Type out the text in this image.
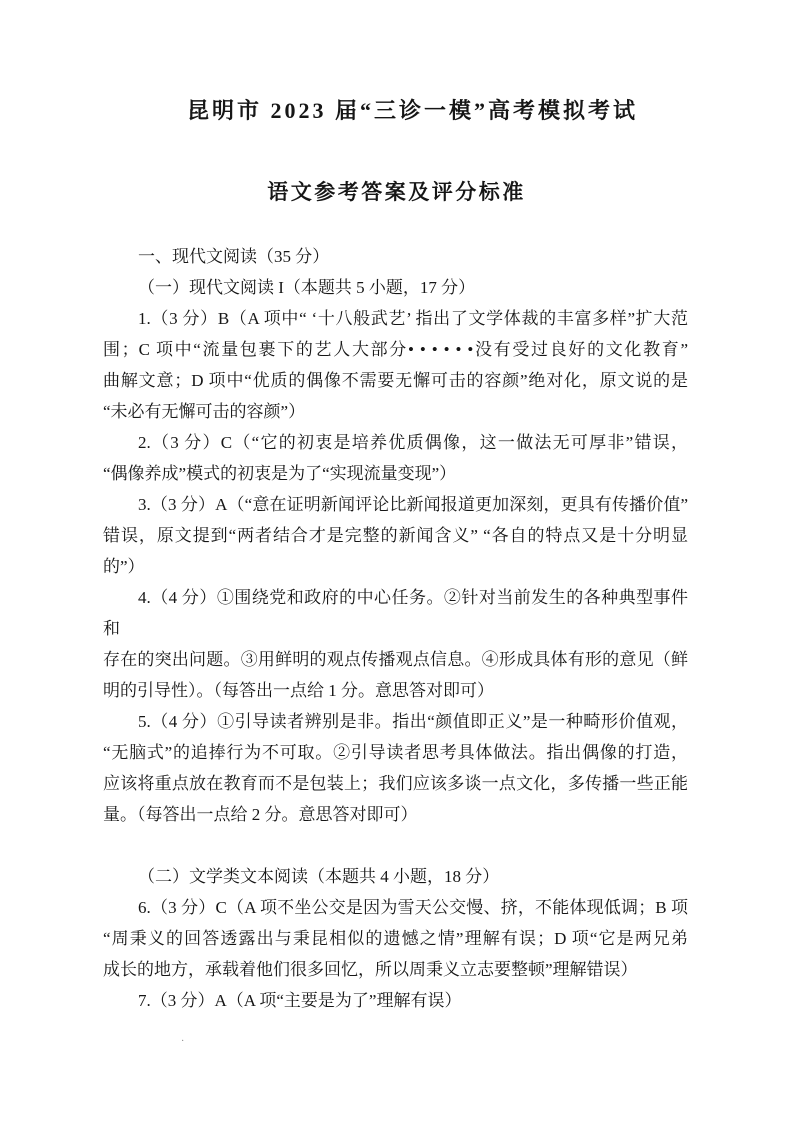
昆明市 2023 届“三诊一模”高考模拟考试
语文参考答案及评分标准
一、现代文阅读（35 分）
（一）现代文阅读 I（本题共 5 小题，17 分）
1.（3 分）B（A 项中“ ‘十八般武艺’ 指出了文学体裁的丰富多样”扩大范
围；C 项中“流量包裹下的艺人大部分• • • • • •没有受过良好的文化教育”
曲解文意；D 项中“优质的偶像不需要无懈可击的容颜”绝对化，原文说的是
“未必有无懈可击的容颜”）
2.（3 分）C（“它的初衷是培养优质偶像，这一做法无可厚非”错误，
“偶像养成”模式的初衷是为了“实现流量变现”）
3.（3 分）A（“意在证明新闻评论比新闻报道更加深刻，更具有传播价值”
错误，原文提到“两者结合才是完整的新闻含义” “各自的特点又是十分明显
的”）
4.（4 分）①围绕党和政府的中心任务。②针对当前发生的各种典型事件和
存在的突出问题。③用鲜明的观点传播观点信息。④形成具体有形的意见（鲜
明的引导性）。（每答出一点给 1 分。意思答对即可）
5.（4 分）①引导读者辨别是非。指出“颜值即正义”是一种畸形价值观，
“无脑式”的追捧行为不可取。②引导读者思考具体做法。指出偶像的打造，
应该将重点放在教育而不是包装上；我们应该多谈一点文化，多传播一些正能
量。（每答出一点给 2 分。意思答对即可）
（二）文学类文本阅读（本题共 4 小题，18 分）
6.（3 分）C（A 项不坐公交是因为雪天公交慢、挤，不能体现低调；B 项
“周秉义的回答透露出与秉昆相似的遗憾之情”理解有误；D 项“它是两兄弟
成长的地方，承载着他们很多回忆，所以周秉义立志要整顿”理解错误）
7.（3 分）A（A 项“主要是为了”理解有误）
·
